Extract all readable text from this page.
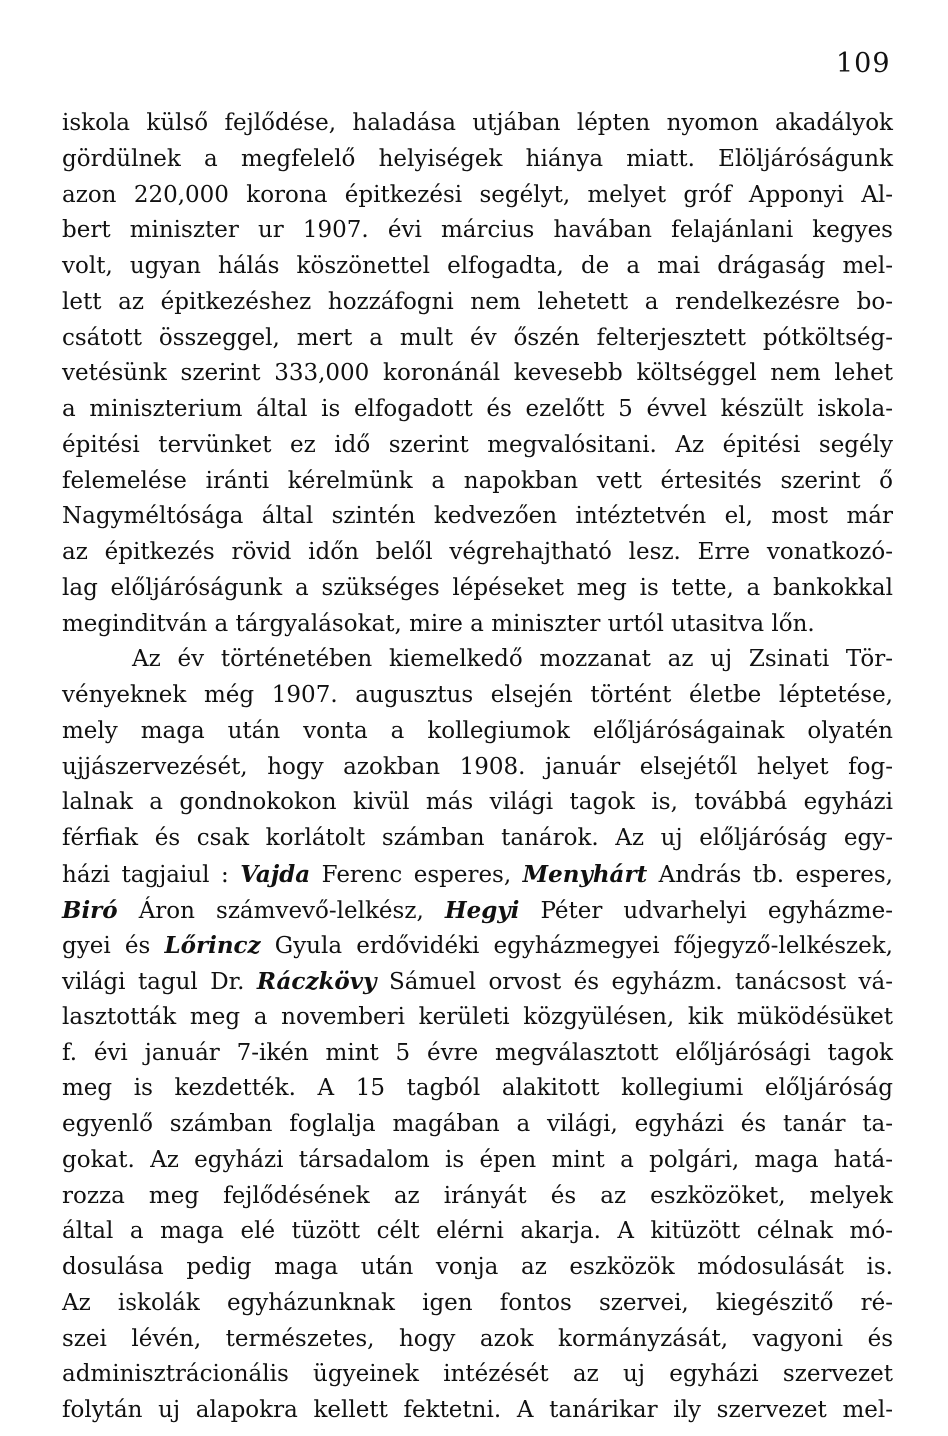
109
iskola külső fejlődése, haladása utjában lépten nyomon akadályok
gördülnek a megfelelő helyiségek hiánya miatt. Elöljáróságunk
azon 220,000 korona épitkezési segélyt, melyet gróf Apponyi Al-
bert miniszter ur 1907. évi március havában felajánlani kegyes
volt, ugyan hálás köszönettel elfogadta, de a mai drágaság mel-
lett az épitkezéshez hozzáfogni nem lehetett a rendelkezésre bo-
csátott összeggel, mert a mult év őszén felterjesztett pótköltség-
vetésünk szerint 333,000 koronánál kevesebb költséggel nem lehet
a miniszterium által is elfogadott és ezelőtt 5 évvel készült iskola-
épitési tervünket ez idő szerint megvalósitani. Az épitési segély
felemelése iránti kérelmünk a napokban vett értesités szerint ő
Nagyméltósága által szintén kedvezően intéztetvén el, most már
az épitkezés rövid időn belől végrehajtható lesz. Erre vonatkozó-
lag előljáróságunk a szükséges lépéseket meg is tette, a bankokkal
meginditván a tárgyalásokat, mire a miniszter urtól utasitva lőn.
Az év történetében kiemelkedő mozzanat az uj Zsinati Tör-
vényeknek még 1907. augusztus elsején történt életbe léptetése,
mely maga után vonta a kollegiumok előljáróságainak olyatén
ujjászervezését, hogy azokban 1908. január elsejétől helyet fog-
lalnak a gondnokokon kivül más világi tagok is, továbbá egyházi
férfiak és csak korlátolt számban tanárok. Az uj előljáróság egy-
házi tagjaiul : Vajda Ferenc esperes, Menyhárt András tb. esperes,
Biró Áron számvevő-lelkész, Hegyi Péter udvarhelyi egyházme-
gyei és Lőrincz Gyula erdővidéki egyházmegyei főjegyző-lelkészek,
világi tagul Dr. Ráczkövy Sámuel orvost és egyházm. tanácsost vá-
lasztották meg a novemberi kerületi közgyülésen, kik müködésüket
f. évi január 7-ikén mint 5 évre megválasztott előljárósági tagok
meg is kezdették. A 15 tagból alakitott kollegiumi előljáróság
egyenlő számban foglalja magában a világi, egyházi és tanár ta-
gokat. Az egyházi társadalom is épen mint a polgári, maga hatá-
rozza meg fejlődésének az irányát és az eszközöket, melyek
által a maga elé tüzött célt elérni akarja. A kitüzött célnak mó-
dosulása pedig maga után vonja az eszközök módosulását is.
Az iskolák egyházunknak igen fontos szervei, kiegészitő ré-
szei lévén, természetes, hogy azok kormányzását, vagyoni és
adminisztrácionális ügyeinek intézését az uj egyházi szervezet
folytán uj alapokra kellett fektetni. A tanárikar ily szervezet mel-
